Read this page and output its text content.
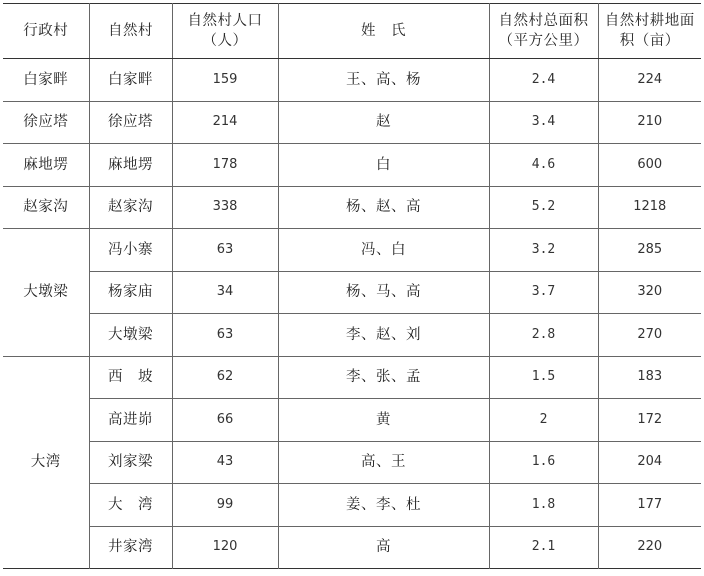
行政村	自然村	自然村人口（人）	姓　氏	自然村总面积（平方公里）	自然村耕地面积（亩）
白家畔	白家畔	159	王、高、杨	2.4	224
徐应塔	徐应塔	214	赵	3.4	210
麻地塄	麻地塄	178	白	4.6	600
赵家沟	赵家沟	338	杨、赵、高	5.2	1218
大墩梁	冯小寨	63	冯、白	3.2	285
	杨家庙	34	杨、马、高	3.7	320
	大墩梁	63	李、赵、刘	2.8	270
大湾	西　坡	62	李、张、孟	1.5	183
	高进峁	66	黄	2	172
	刘家梁	43	高、王	1.6	204
	大　湾	99	姜、李、杜	1.8	177
	井家湾	120	高	2.1	220
